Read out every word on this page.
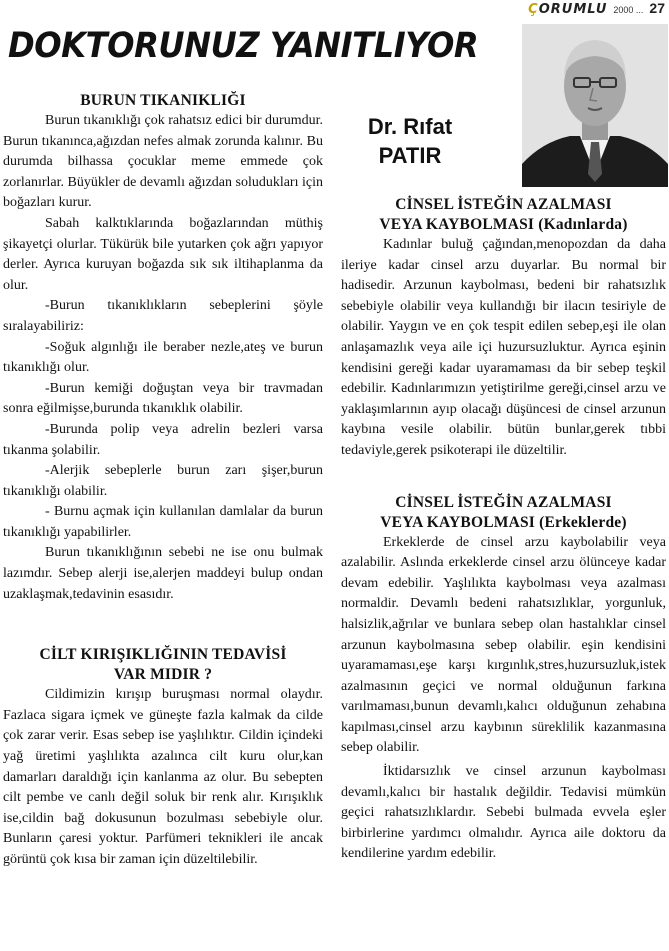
ÇORUMLU 2000 ... 27
DOKTORUNUZ YANITLIYOR
Dr. Rıfat
PATIR
BURUN TIKANIKLIĞI

Burun tıkanıklığı çok rahatsız edici bir durumdur. Burun tıkanınca,ağızdan nefes almak zorunda kalınır. Bu durumda bilhassa çocuklar meme emmede çok zorlanırlar. Büyükler de devamlı ağızdan soludukları için boğazları kurur.

Sabah kalktıklarında boğazlarından müthiş şikayetçi olurlar. Tükürük bile yutarken çok ağrı yapıyor derler. Ayrıca kuruyan boğazda sık sık iltihaplanma da olur.

-Burun tıkanıklıkların sebeplerini şöyle sıralayabiliriz:

-Soğuk algınlığı ile beraber nezle,ateş ve burun tıkanıklığı olur.

-Burun kemiği doğuştan veya bir travmadan sonra eğilmişse,burunda tıkanıklık olabilir.

-Burunda polip veya adrelin bezleri varsa tıkanma şolabilir.

-Alerjik sebeplerle burun zarı şişer,burun tıkanıklığı olabilir.

- Burnu açmak için kullanılan damlalar da burun tıkanıklığı yapabilirler.

Burun tıkanıklığının sebebi ne ise onu bulmak lazımdır. Sebep alerji ise,alerjen maddeyi bulup ondan uzaklaşmak,tedavinin esasıdır.

CİLT KIRIŞIKLIĞININ TEDAVİSİ
VAR MIDIR ?

Cildimizin kırışıp buruşması normal olaydır. Fazlaca sigara içmek ve güneşte fazla kalmak da cilde çok zarar verir. Esas sebep ise yaşlılıktır. Cildin içindeki yağ üretimi yaşlılıkta azalınca cilt kuru olur,kan damarları daraldığı için kanlanma az olur. Bu sebepten cilt pembe ve canlı değil soluk bir renk alır. Kırışıklık ise,cildin bağ dokusunun bozulması sebebiyle olur. Bunların çaresi yoktur. Parfümeri teknikleri ile ancak görüntü çok kısa bir zaman için düzeltilebilir.

CİNSEL İSTEĞİN AZALMASI
VEYA KAYBOLMASI (Kadınlarda)

Kadınlar buluğ çağından,menopozdan da daha ileriye kadar cinsel arzu duyarlar. Bu normal bir hadisedir. Arzunun kaybolması, bedeni bir rahatsızlık sebebiyle olabilir veya kullandığı bir ilacın tesiriyle de olabilir. Yaygın ve en çok tespit edilen sebep,eşi ile olan anlaşamazlık veya aile içi huzursuzluktur. Ayrıca eşinin kendisini gereği kadar uyaramaması da bir sebep teşkil edebilir. Kadınlarımızın yetiştirilme gereği,cinsel arzu ve yaklaşımlarının ayıp olacağı düşüncesi de cinsel arzunun kaybına vesile olabilir. bütün bunlar,gerek tıbbi tedaviyle,gerek psikoterapi ile düzeltilir.

CİNSEL İSTEĞİN AZALMASI
VEYA KAYBOLMASI (Erkeklerde)

Erkeklerde de cinsel arzu kaybolabilir veya azalabilir. Aslında erkeklerde cinsel arzu ölünceye kadar devam edebilir. Yaşlılıkta kaybolması veya azalması normaldir. Devamlı bedeni rahatsızlıklar, yorgunluk, halsizlik,ağrılar ve bunlara sebep olan hastalıklar cinsel arzunun kaybolmasına sebep olabilir. eşin kendisini uyaramaması,eşe karşı kırgınlık,stres,huzursuzluk,istek azalmasının geçici ve normal olduğunun farkına varılmaması,bunun devamlı,kalıcı olduğunun zehabına kapılması,cinsel arzu kaybının süreklilik kazanmasına sebep olabilir.

İktidarsızlık ve cinsel arzunun kaybolması devamlı,kalıcı bir hastalık değildir. Tedavisi mümkün geçici rahatsızlıklardır. Sebebi bulmada evvela eşler birbirlerine yardımcı olmalıdır. Ayrıca aile doktoru da kendilerine yardım edebilir.
